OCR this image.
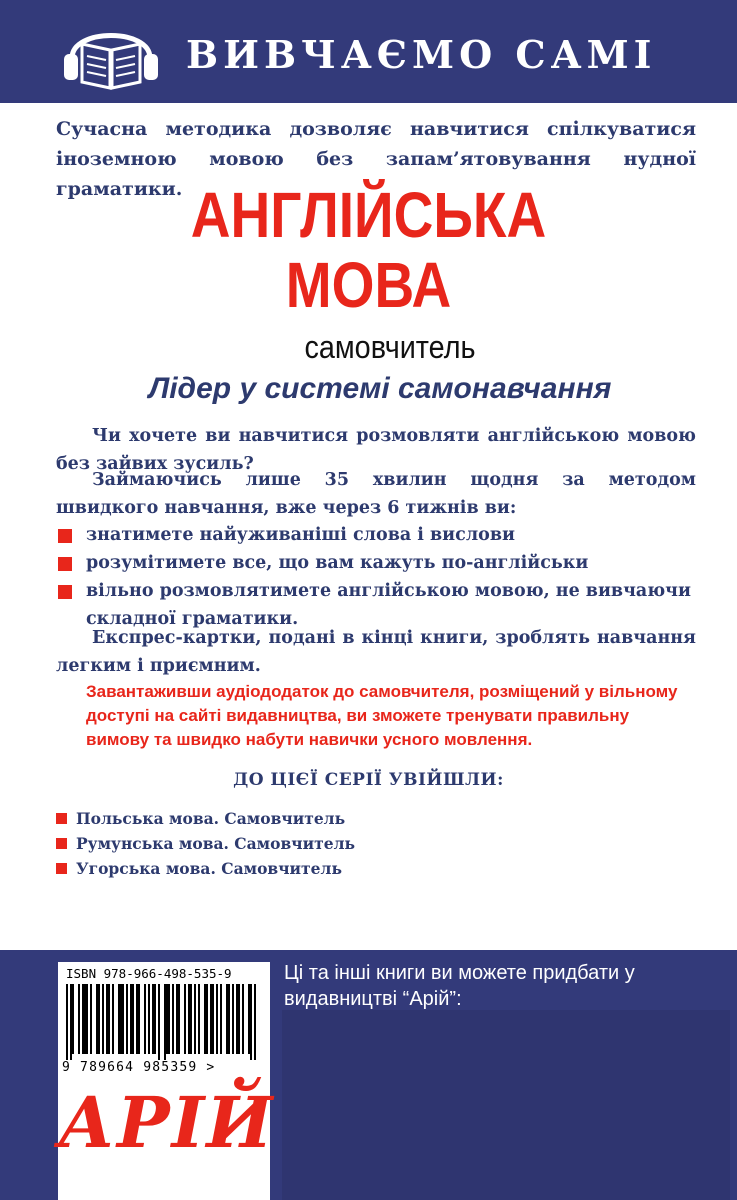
ВИВЧАЄМО САМІ
Сучасна методика дозволяє навчитися спілкуватися іноземною мовою без запам’ятовування нудної граматики. АНГЛІЙСЬКА
МОВА
самовчитель
Лідер у системі самонавчання
Чи хочете ви навчитися розмовляти англійською мовою без зайвих зусиль?
Займаючись лише 35 хвилин щодня за методом швидкого навчання, вже через 6 тижнів ви:
знатимете найуживаніші слова і вислови
розумітимете все, що вам кажуть по-англійськи
вільно розмовлятимете англійською мовою, не вивчаючи складної граматики.
Експрес-картки, подані в кінці книги, зроблять навчання легким і приємним.
Завантаживши аудіододаток до самовчителя, розміщений у вільному доступі на сайті видавництва, ви зможете тренувати правильну вимову та швидко набути навички усного мовлення.
ДО ЦІЄЇ СЕРІЇ УВІЙШЛИ:
Польська мова. Самовчитель
Румунська мова. Самовчитель
Угорська мова. Самовчитель
ISBN 978-966-498-535-9
9 789664 985359 >
АРІЙ
Ці та інші книги ви можете придбати у видавництві “Арій”:
